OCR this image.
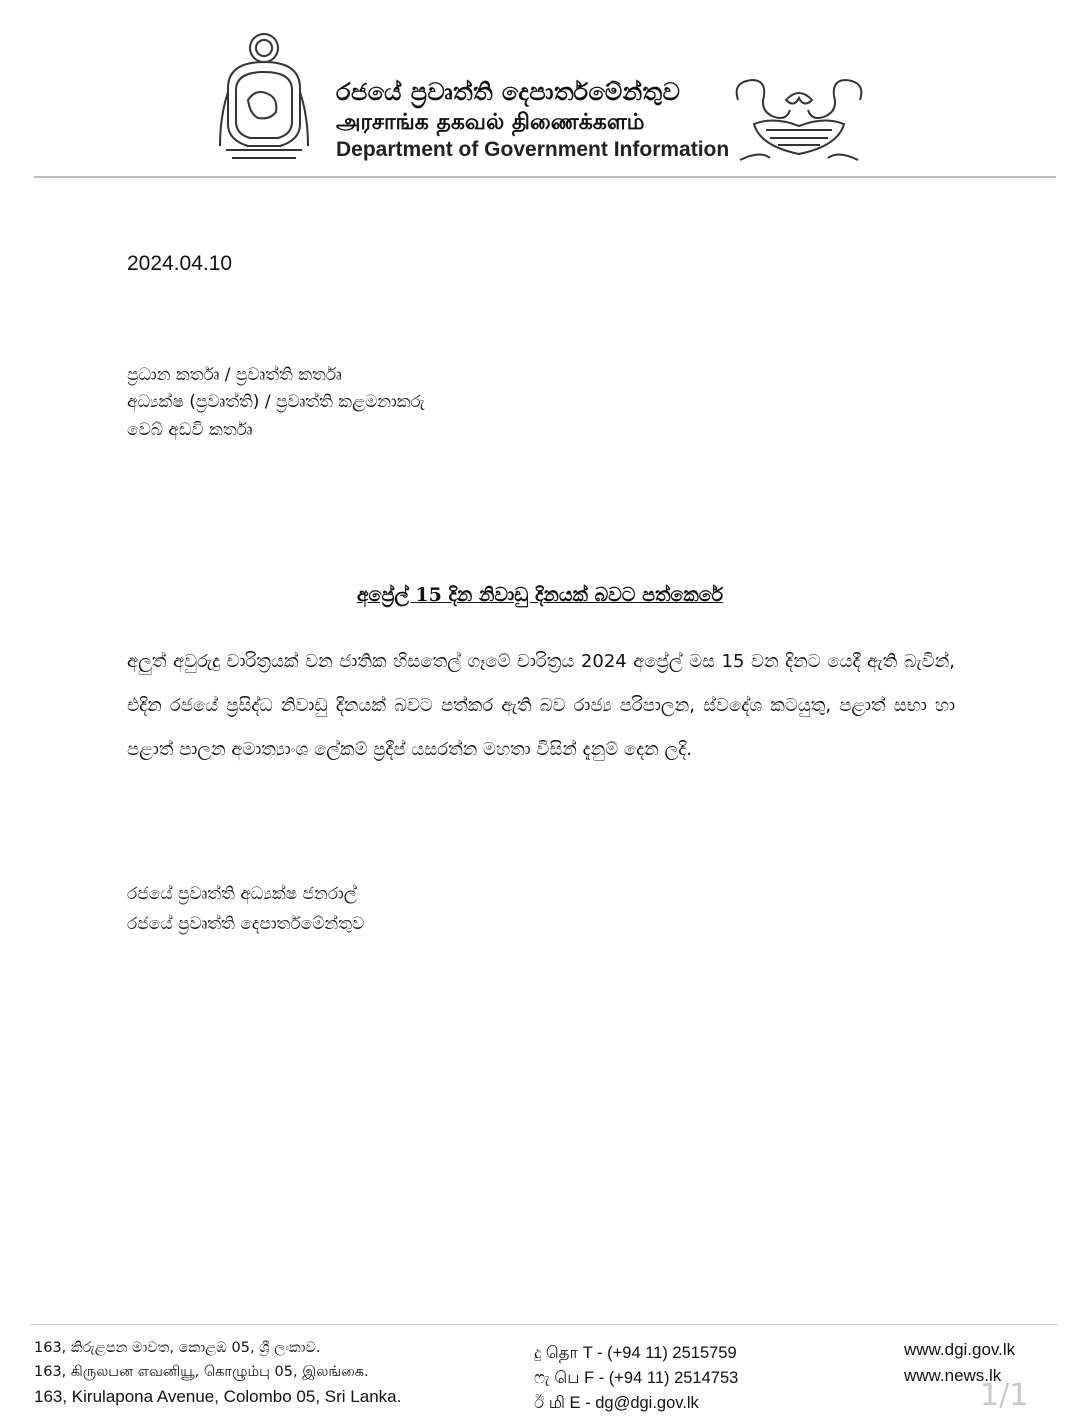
රජයේ ප්‍රවෘත්ති දෙපාර්තමේන්තුව
அரசாங்க தகவல் திணைக்களம்
Department of Government Information
2024.04.10
ප්‍රධාන කර්තෘ / ප්‍රවෘත්ති කර්තෘ
අධ්‍යක්ෂ (ප්‍රවෘත්ති) / ප්‍රවෘත්ති කළමනාකරු
වෙබ් අඩවි කර්තෘ
අප්‍රේල් 15 දින නිවාඩු දිනයක් බවට පත්කෙරේ
අලුත් අවුරුදු චාරිත්‍රයක් වන ජාතික හිසතෙල් ගෑමේ චාරිත්‍රය 2024 අප්‍රේල් මස 15 වන දිනට යෙදී ඇති බැවින්, එදින රජයේ ප්‍රසිද්ධ නිවාඩු දිනයක් බවට පත්කර ඇති බව රාජ්‍ය පරිපාලන, ස්වදේශ කටයුතු, පළාත් සභා හා පළාත් පාලන අමාත්‍යාංශ ලේකම් ප්‍රදීප් යසරත්න මහතා විසින් දැනුම් දෙන ලදි.
රජයේ ප්‍රවෘත්ති අධ්‍යක්ෂ ජනරාල්
රජයේ ප්‍රවෘත්ති දෙපාර්තමේන්තුව
163, කිරුළපන මාවත, කොළඹ 05, ශ්‍රී ලංකාව.
163, கிருலபன எவனியூ, கொழும்பு 05, இலங்கை.
163, Kirulapona Avenue, Colombo 05, Sri Lanka.
දු தொ T - (+94 11) 2515759
ෆැ பெ F - (+94 11) 2514753
ඊ மி E - dg@dgi.gov.lk
www.dgi.gov.lk
www.news.lk
1/1
